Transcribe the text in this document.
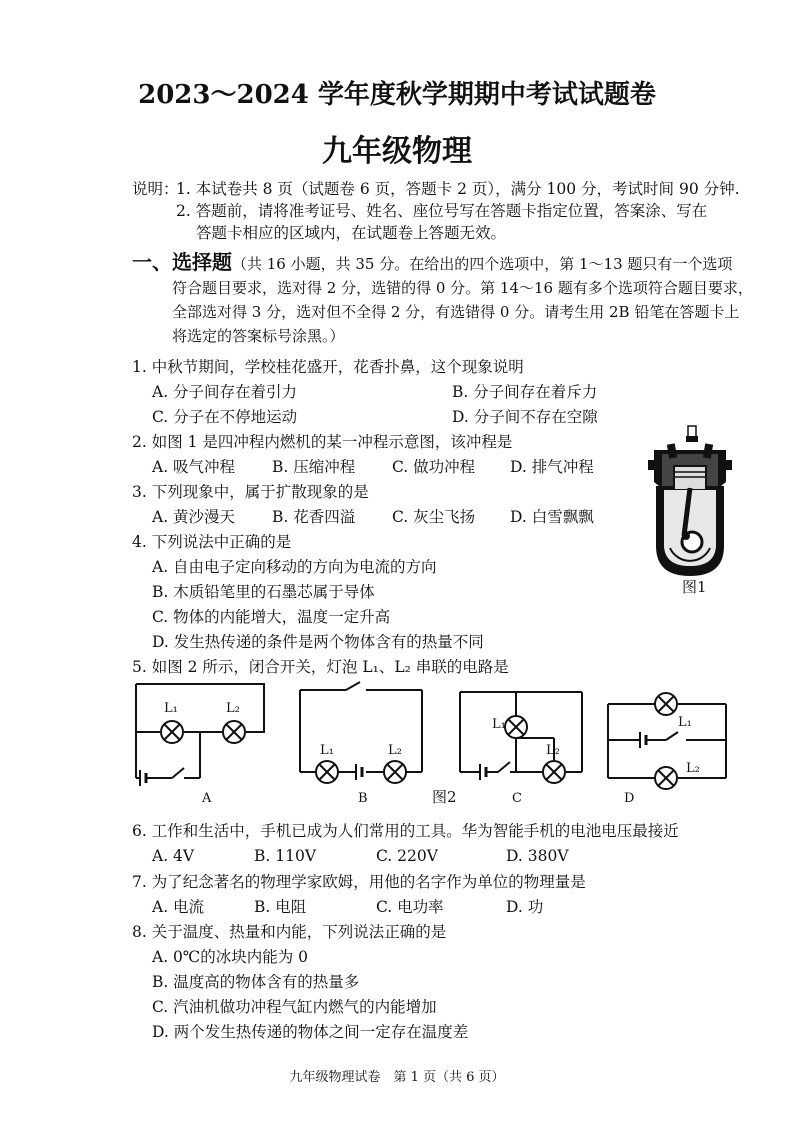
2023～2024 学年度秋学期期中考试试题卷
九年级物理
说明：
1. 本试卷共 8 页（试题卷 6 页，答题卡 2 页），满分 100 分，考试时间 90 分钟.
2. 答题前，请将准考证号、姓名、座位号写在答题卡指定位置，答案涂、写在
答题卡相应的区域内，在试题卷上答题无效。
一、选择题（共 16 小题，共 35 分。在给出的四个选项中，第 1～13 题只有一个选项
符合题目要求，选对得 2 分，选错的得 0 分。第 14～16 题有多个选项符合题目要求，
全部选对得 3 分，选对但不全得 2 分，有选错得 0 分。请考生用 2B 铅笔在答题卡上
将选定的答案标号涂黑。）
1. 中秋节期间，学校桂花盛开，花香扑鼻，这个现象说明
A. 分子间存在着引力	B. 分子间存在着斥力
C. 分子在不停地运动	D. 分子间不存在空隙
2. 如图 1 是四冲程内燃机的某一冲程示意图，该冲程是
A. 吸气冲程 B. 压缩冲程 C. 做功冲程 D. 排气冲程
3. 下列现象中，属于扩散现象的是
A. 黄沙漫天 B. 花香四溢 C. 灰尘飞扬 D. 白雪飘飘
4. 下列说法中正确的是
A. 自由电子定向移动的方向为电流的方向
B. 木质铅笔里的石墨芯属于导体
C. 物体的内能增大，温度一定升高
D. 发生热传递的条件是两个物体含有的热量不同
5. 如图 2 所示，闭合开关，灯泡 L₁、L₂ 串联的电路是
图1
L₁	L₂
A
L₁	L₂
B	图2
L₁
L₂
C
L₁
L₂
D
6. 工作和生活中，手机已成为人们常用的工具。华为智能手机的电池电压最接近
A. 4V	B. 110V	C. 220V	D. 380V
7. 为了纪念著名的物理学家欧姆，用他的名字作为单位的物理量是
A. 电流	B. 电阻	C. 电功率	D. 功
8. 关于温度、热量和内能，下列说法正确的是
A. 0℃的冰块内能为 0
B. 温度高的物体含有的热量多
C. 汽油机做功冲程气缸内燃气的内能增加
D. 两个发生热传递的物体之间一定存在温度差
九年级物理试卷　第 1 页（共 6 页）
